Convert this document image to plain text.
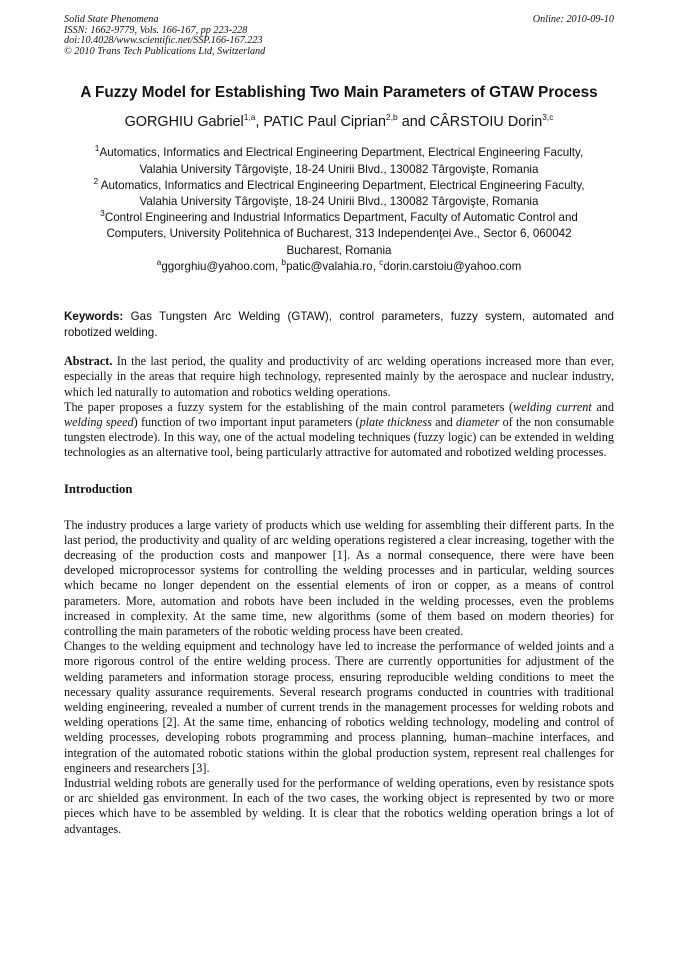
Solid State Phenomena
ISSN: 1662-9779, Vols. 166-167, pp 223-228
doi:10.4028/www.scientific.net/SSP.166-167.223
© 2010 Trans Tech Publications Ltd, Switzerland
Online: 2010-09-10
A Fuzzy Model for Establishing Two Main Parameters of GTAW Process
GORGHIU Gabriel$^{1,a}$, PATIC Paul Ciprian$^{2,b}$ and CÂRSTOIU Dorin$^{3,c}$
$^1$Automatics, Informatics and Electrical Engineering Department, Electrical Engineering Faculty,
Valahia University Târgovişte, 18-24 Unirii Blvd., 130082 Târgovişte, Romania
$^2$ Automatics, Informatics and Electrical Engineering Department, Electrical Engineering Faculty,
Valahia University Târgovişte, 18-24 Unirii Blvd., 130082 Târgovişte, Romania
$^3$Control Engineering and Industrial Informatics Department, Faculty of Automatic Control and
Computers, University Politehnica of Bucharest, 313 Independenţei Ave., Sector 6, 060042
Bucharest, Romania
$^a$ggorghiu@yahoo.com, $^b$patic@valahia.ro, $^c$dorin.carstoiu@yahoo.com
Keywords: Gas Tungsten Arc Welding (GTAW), control parameters, fuzzy system, automated and robotized welding.

Abstract. In the last period, the quality and productivity of arc welding operations increased more than ever, especially in the areas that require high technology, represented mainly by the aerospace and nuclear industry, which led naturally to automation and robotics welding operations.

The paper proposes a fuzzy system for the establishing of the main control parameters (welding current and welding speed) function of two important input parameters (plate thickness and diameter of the non consumable tungsten electrode). In this way, one of the actual modeling techniques (fuzzy logic) can be extended in welding technologies as an alternative tool, being particularly attractive for automated and robotized welding processes.

Introduction

The industry produces a large variety of products which use welding for assembling their different parts. In the last period, the productivity and quality of arc welding operations registered a clear increasing, together with the decreasing of the production costs and manpower [1]. As a normal consequence, there were have been developed microprocessor systems for controlling the welding processes and in particular, welding sources which became no longer dependent on the essential elements of iron or copper, as a means of control parameters. More, automation and robots have been included in the welding processes, even the problems increased in complexity. At the same time, new algorithms (some of them based on modern theories) for controlling the main parameters of the robotic welding process have been created.

Changes to the welding equipment and technology have led to increase the performance of welded joints and a more rigorous control of the entire welding process. There are currently opportunities for adjustment of the welding parameters and information storage process, ensuring reproducible welding conditions to meet the necessary quality assurance requirements. Several research programs conducted in countries with traditional welding engineering, revealed a number of current trends in the management processes for welding robots and welding operations [2]. At the same time, enhancing of robotics welding technology, modeling and control of welding processes, developing robots programming and process planning, human–machine interfaces, and integration of the automated robotic stations within the global production system, represent real challenges for engineers and researchers [3].

Industrial welding robots are generally used for the performance of welding operations, even by resistance spots or arc shielded gas environment. In each of the two cases, the working object is represented by two or more pieces which have to be assembled by welding. It is clear that the robotics welding operation brings a lot of advantages.
